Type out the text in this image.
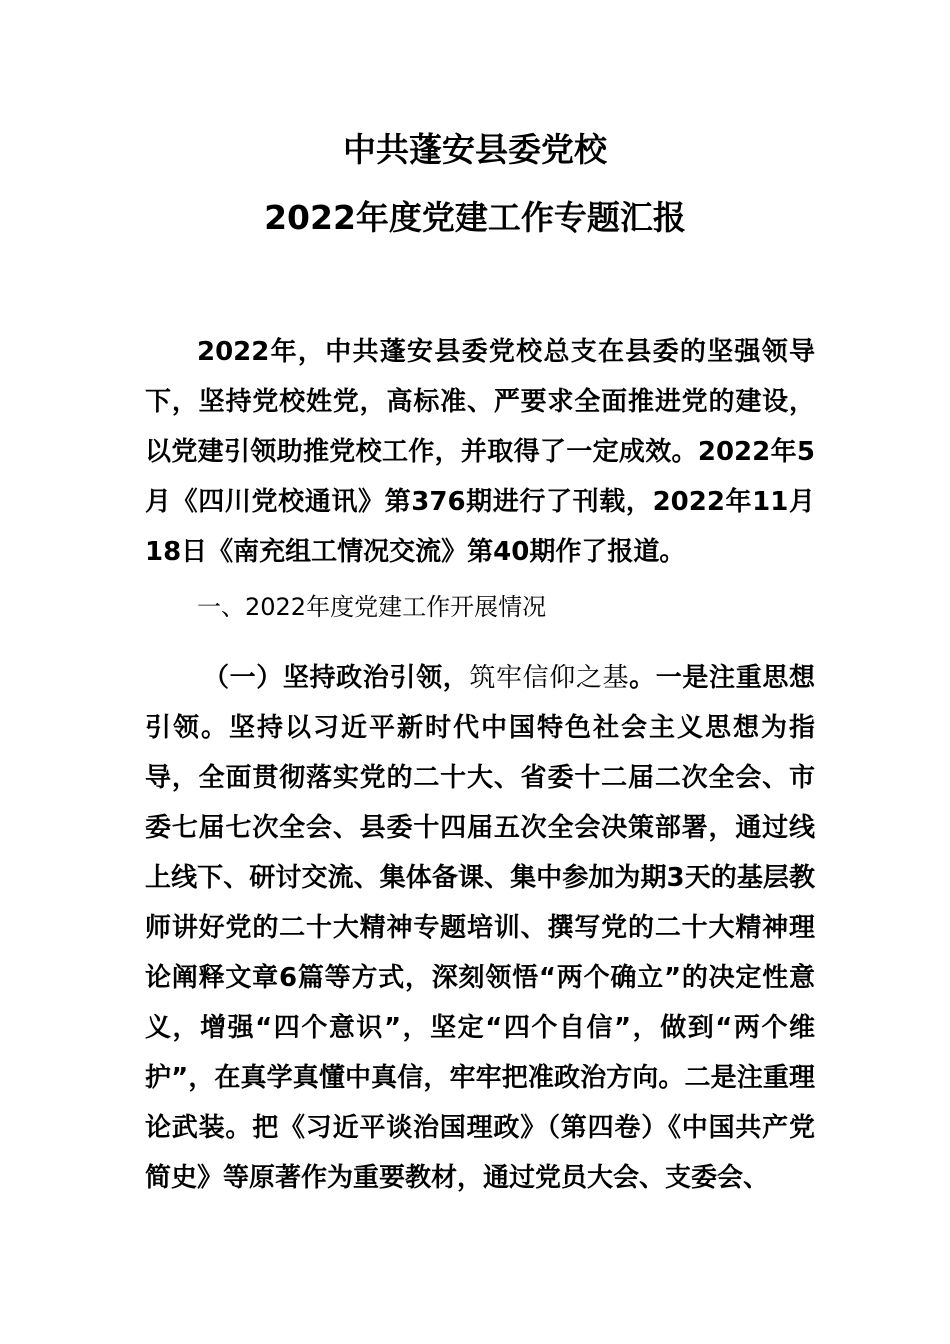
中共蓬安县委党校
2022年度党建工作专题汇报

2022年，中共蓬安县委党校总支在县委的坚强领导下，坚持党校姓党，高标准、严要求全面推进党的建设，以党建引领助推党校工作，并取得了一定成效。2022年5月《四川党校通讯》第376期进行了刊载，2022年11月18日《南充组工情况交流》第40期作了报道。

一、2022年度党建工作开展情况

（一）坚持政治引领，筑牢信仰之基。一是注重思想引领。坚持以习近平新时代中国特色社会主义思想为指导，全面贯彻落实党的二十大、省委十二届二次全会、市委七届七次全会、县委十四届五次全会决策部署，通过线上线下、研讨交流、集体备课、集中参加为期3天的基层教师讲好党的二十大精神专题培训、撰写党的二十大精神理论阐释文章6篇等方式，深刻领悟“两个确立”的决定性意义，增强“四个意识”，坚定“四个自信”，做到“两个维护”，在真学真懂中真信，牢牢把准政治方向。二是注重理论武装。把《习近平谈治国理政》（第四卷）《中国共产党简史》等原著作为重要教材，通过党员大会、支委会、
